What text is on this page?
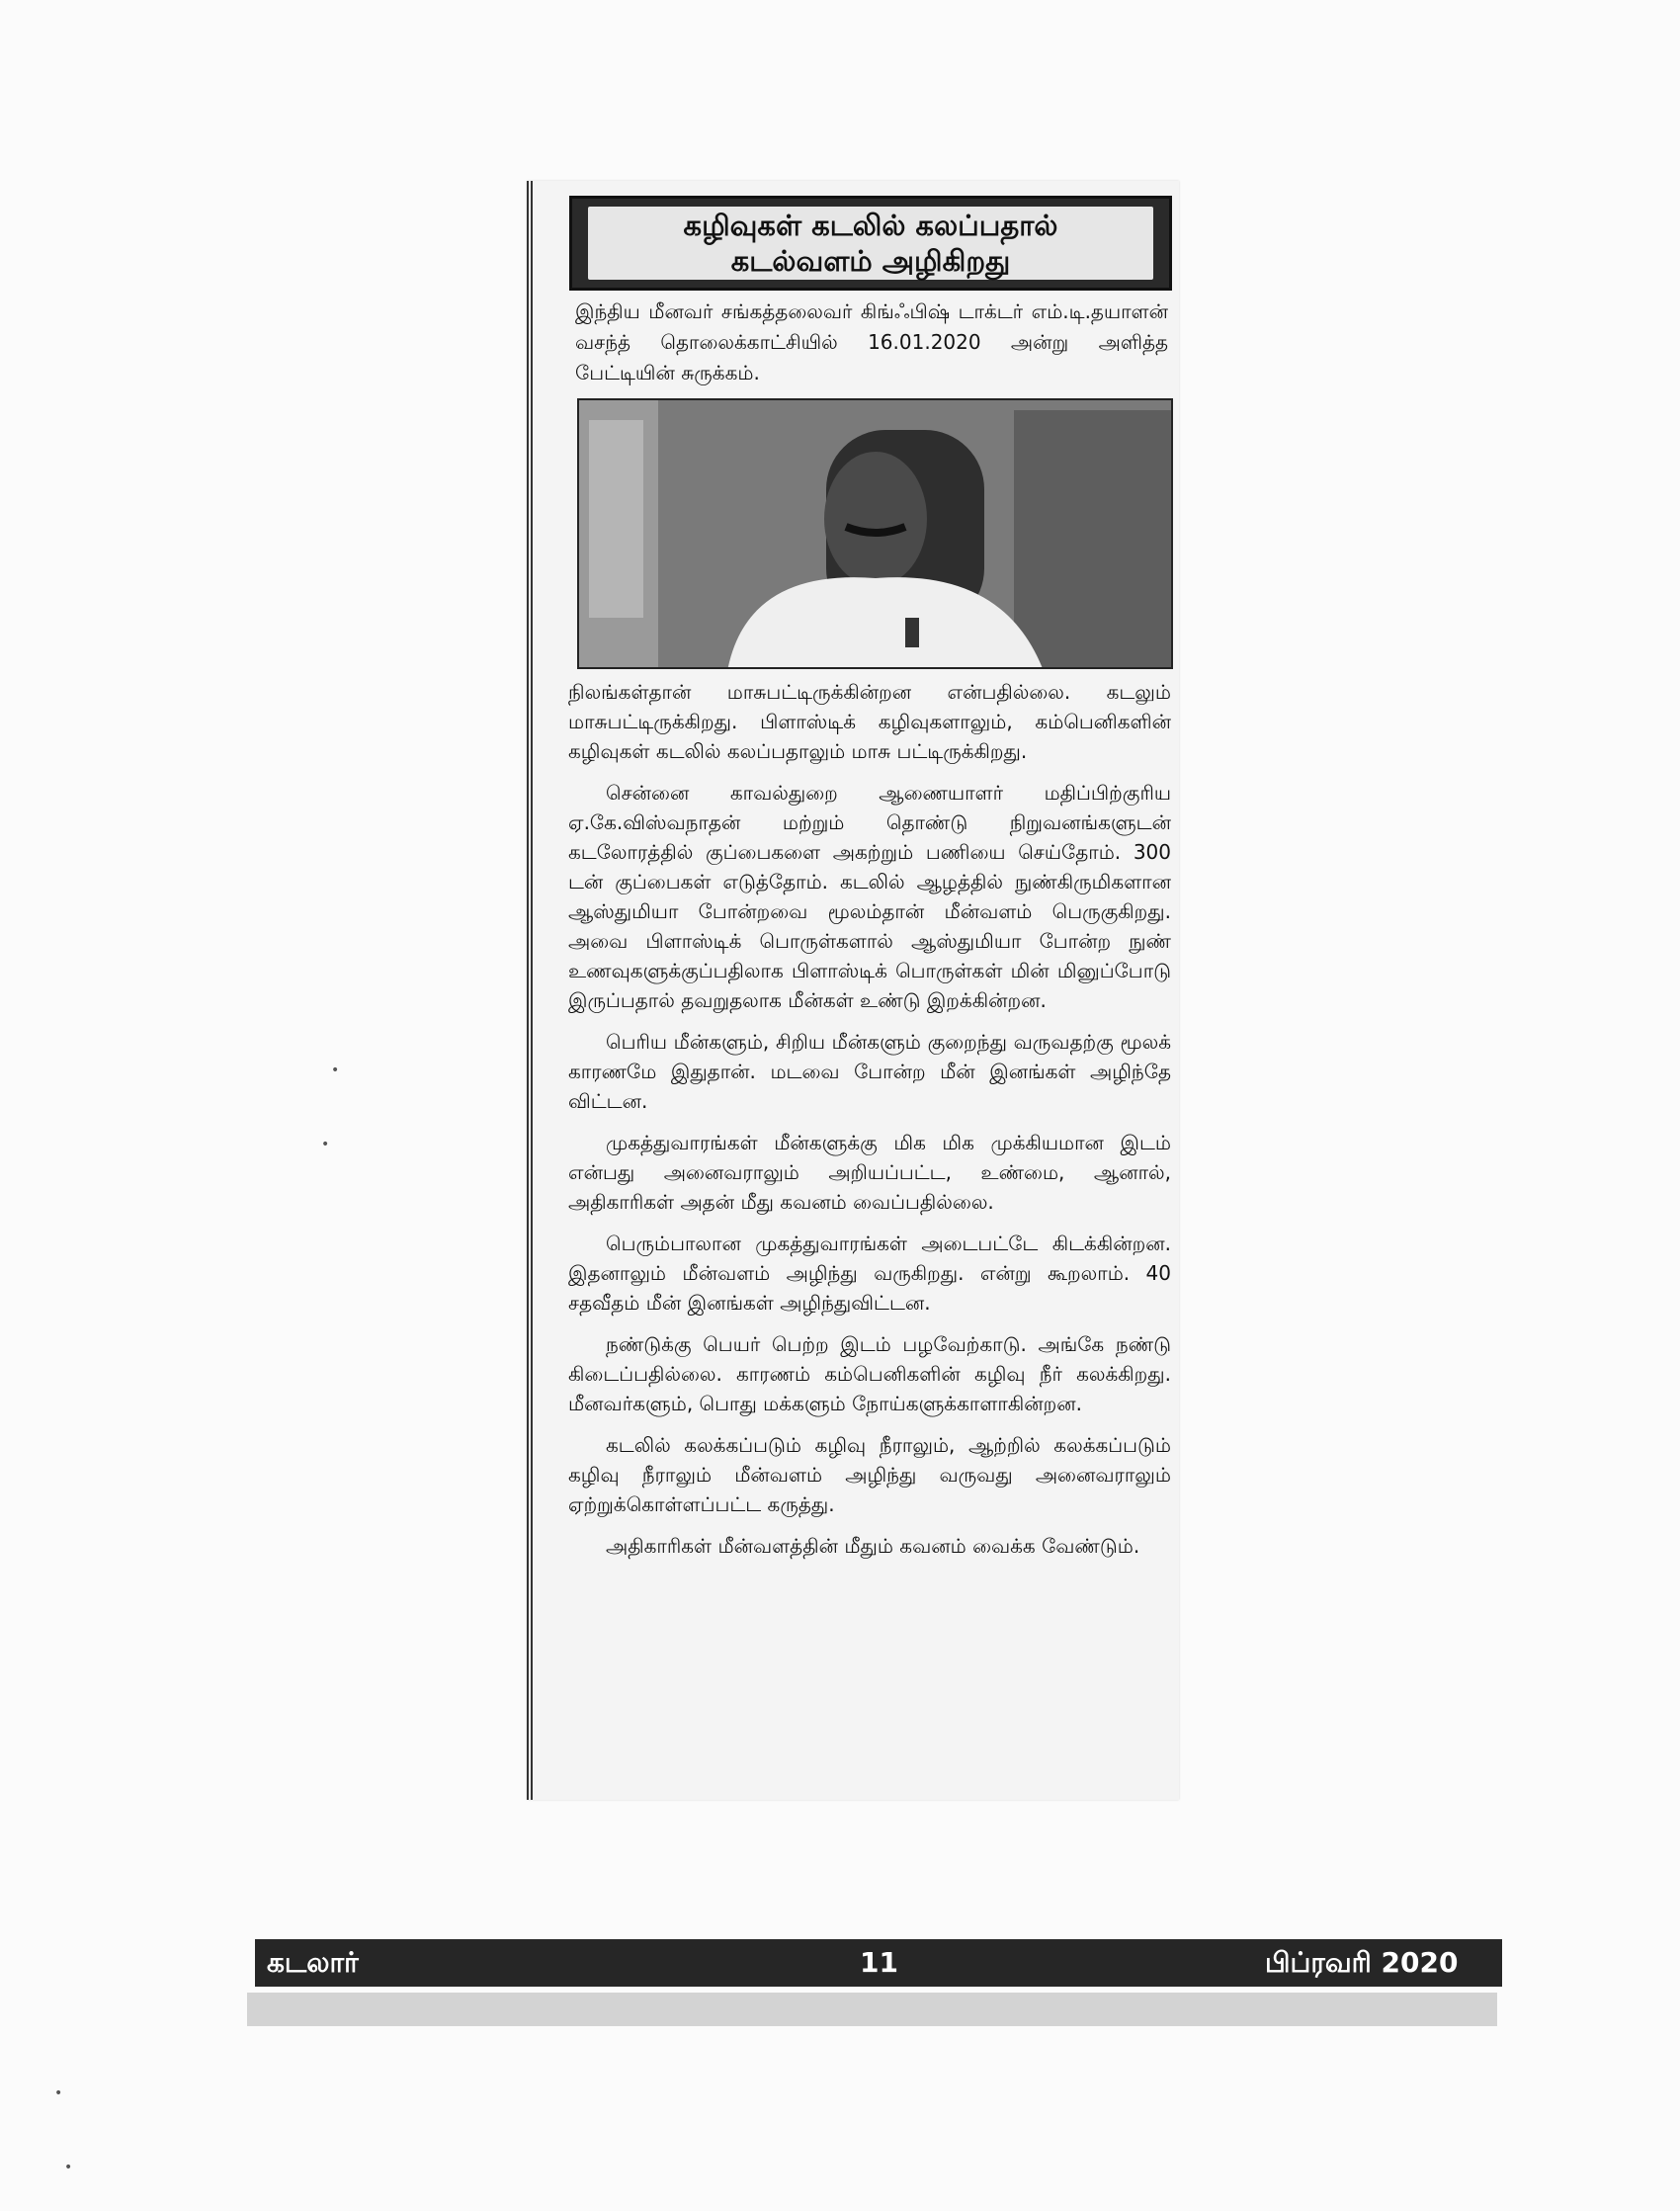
கழிவுகள் கடலில் கலப்பதால்
கடல்வளம் அழிகிறது
இந்திய மீனவர் சங்கத்தலைவர் கிங்ஃபிஷ் டாக்டர் எம்.டி.தயாளன் வசந்த் தொலைக்காட்சியில் 16.01.2020 அன்று அளித்த பேட்டியின் சுருக்கம்.

நிலங்கள்தான் மாசுபட்டிருக்கின்றன என்பதில்லை. கடலும் மாசுபட்டிருக்கிறது. பிளாஸ்டிக் கழிவுகளாலும், கம்பெனிகளின் கழிவுகள் கடலில் கலப்பதாலும் மாசு பட்டிருக்கிறது.

சென்னை காவல்துறை ஆணையாளர் மதிப்பிற்குரிய ஏ.கே.விஸ்வநாதன் மற்றும் தொண்டு நிறுவனங்களுடன் கடலோரத்தில் குப்பைகளை அகற்றும் பணியை செய்தோம். 300 டன் குப்பைகள் எடுத்தோம். கடலில் ஆழத்தில் நுண்கிருமிகளான ஆஸ்துமியா போன்றவை மூலம்தான் மீன்வளம் பெருகுகிறது. அவை பிளாஸ்டிக் பொருள்களால் ஆஸ்துமியா போன்ற நுண் உணவுகளுக்குப்பதிலாக பிளாஸ்டிக் பொருள்கள் மின் மினுப்போடு இருப்பதால் தவறுதலாக மீன்கள் உண்டு இறக்கின்றன.

பெரிய மீன்களும், சிறிய மீன்களும் குறைந்து வருவதற்கு மூலக் காரணமே இதுதான். மடவை போன்ற மீன் இனங்கள் அழிந்தே விட்டன.

முகத்துவாரங்கள் மீன்களுக்கு மிக மிக முக்கியமான இடம் என்பது அனைவராலும் அறியப்பட்ட, உண்மை, ஆனால், அதிகாரிகள் அதன் மீது கவனம் வைப்பதில்லை.

பெரும்பாலான முகத்துவாரங்கள் அடைபட்டே கிடக்கின்றன. இதனாலும் மீன்வளம் அழிந்து வருகிறது. என்று கூறலாம். 40 சதவீதம் மீன் இனங்கள் அழிந்துவிட்டன.

நண்டுக்கு பெயர் பெற்ற இடம் பழவேற்காடு. அங்கே நண்டு கிடைப்பதில்லை. காரணம் கம்பெனிகளின் கழிவு நீர் கலக்கிறது. மீனவர்களும், பொது மக்களும் நோய்களுக்காளாகின்றன.

கடலில் கலக்கப்படும் கழிவு நீராலும், ஆற்றில் கலக்கப்படும் கழிவு நீராலும் மீன்வளம் அழிந்து வருவது அனைவராலும் ஏற்றுக்கொள்ளப்பட்ட கருத்து.

அதிகாரிகள் மீன்வளத்தின் மீதும் கவனம் வைக்க வேண்டும்.

கடலார்	11	பிப்ரவரி 2020
•
•
•
•
